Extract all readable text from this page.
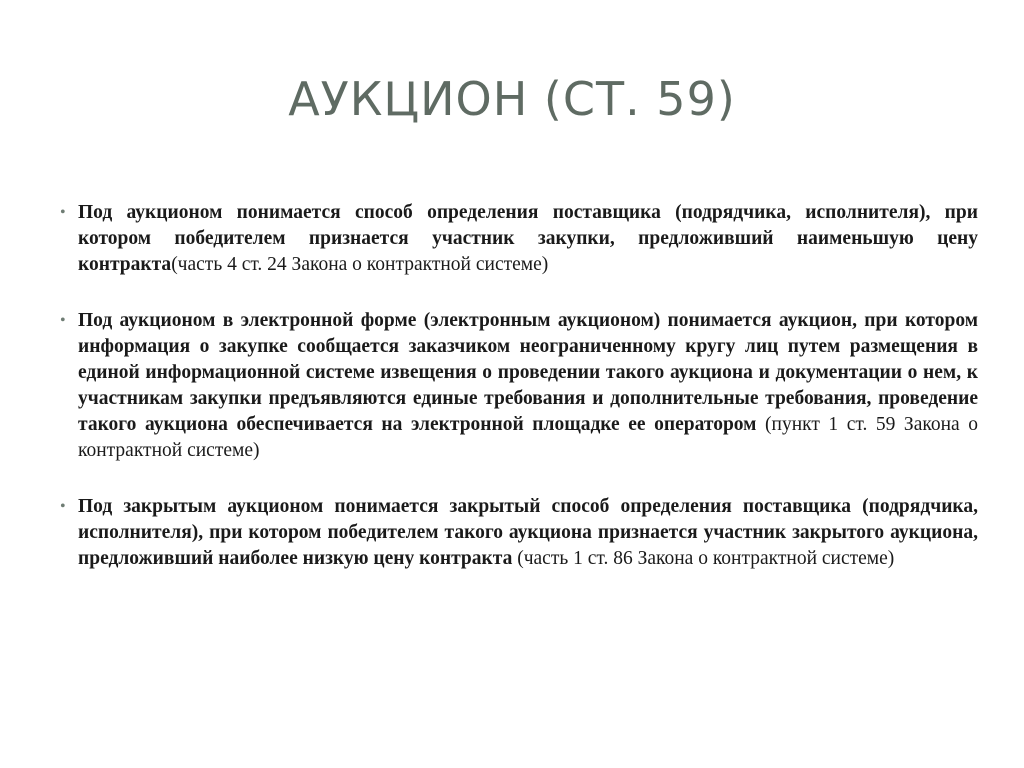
АУКЦИОН (СТ. 59)
• Под аукционом понимается способ определения поставщика (подрядчика, исполнителя), при котором победителем признается участник закупки, предложивший наименьшую цену контракта(часть 4 ст. 24 Закона о контрактной системе)
• Под аукционом в электронной форме (электронным аукционом) понимается аукцион, при котором информация о закупке сообщается заказчиком неограниченному кругу лиц путем размещения в единой информационной системе извещения о проведении такого аукциона и документации о нем, к участникам закупки предъявляются единые требования и дополнительные требования, проведение такого аукциона обеспечивается на электронной площадке ее оператором (пункт 1 ст. 59 Закона о контрактной системе)
• Под закрытым аукционом понимается закрытый способ определения поставщика (подрядчика, исполнителя), при котором победителем такого аукциона признается участник закрытого аукциона, предложивший наиболее низкую цену контракта (часть 1 ст. 86 Закона о контрактной системе)
